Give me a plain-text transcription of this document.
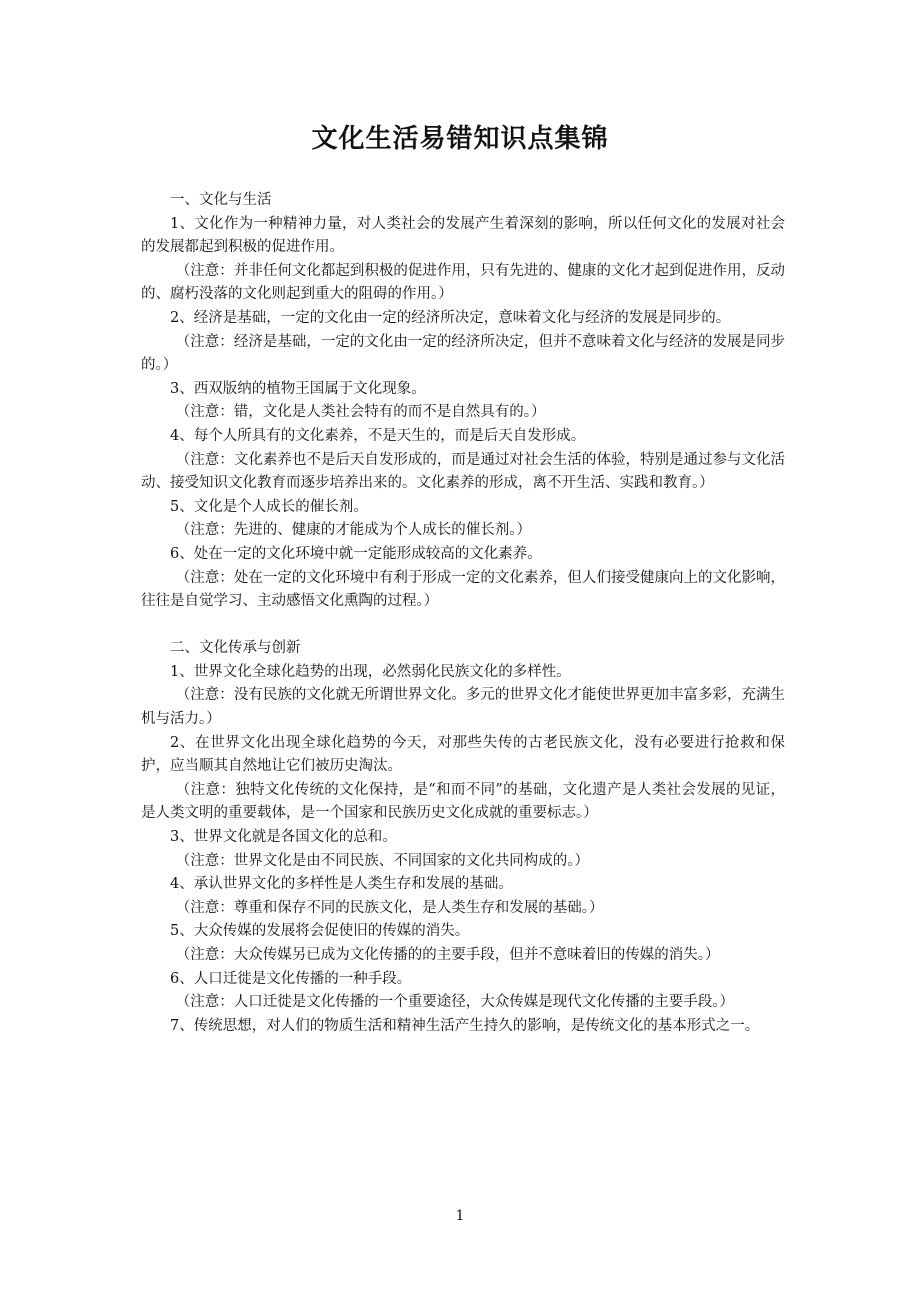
文化生活易错知识点集锦

一、文化与生活

1、文化作为一种精神力量，对人类社会的发展产生着深刻的影响，所以任何文化的发展对社会的发展都起到积极的促进作用。

（注意：并非任何文化都起到积极的促进作用，只有先进的、健康的文化才起到促进作用，反动的、腐朽没落的文化则起到重大的阻碍的作用。）

2、经济是基础，一定的文化由一定的经济所决定，意味着文化与经济的发展是同步的。

（注意：经济是基础，一定的文化由一定的经济所决定，但并不意味着文化与经济的发展是同步的。）

3、西双版纳的植物王国属于文化现象。

（注意：错，文化是人类社会特有的而不是自然具有的。）

4、每个人所具有的文化素养，不是天生的，而是后天自发形成。

（注意：文化素养也不是后天自发形成的，而是通过对社会生活的体验，特别是通过参与文化活动、接受知识文化教育而逐步培养出来的。文化素养的形成，离不开生活、实践和教育。）

5、文化是个人成长的催长剂。

（注意：先进的、健康的才能成为个人成长的催长剂。）

6、处在一定的文化环境中就一定能形成较高的文化素养。

（注意：处在一定的文化环境中有利于形成一定的文化素养，但人们接受健康向上的文化影响，往往是自觉学习、主动感悟文化熏陶的过程。）

二、文化传承与创新

1、世界文化全球化趋势的出现，必然弱化民族文化的多样性。

（注意：没有民族的文化就无所谓世界文化。多元的世界文化才能使世界更加丰富多彩，充满生机与活力。）

2、在世界文化出现全球化趋势的今天，对那些失传的古老民族文化，没有必要进行抢救和保护，应当顺其自然地让它们被历史淘汰。

（注意：独特文化传统的文化保持，是“和而不同”的基础，文化遗产是人类社会发展的见证，是人类文明的重要载体，是一个国家和民族历史文化成就的重要标志。）

3、世界文化就是各国文化的总和。

（注意：世界文化是由不同民族、不同国家的文化共同构成的。）

4、承认世界文化的多样性是人类生存和发展的基础。

（注意：尊重和保存不同的民族文化，是人类生存和发展的基础。）

5、大众传媒的发展将会促使旧的传媒的消失。

（注意：大众传媒另已成为文化传播的的主要手段，但并不意味着旧的传媒的消失。）

6、人口迁徙是文化传播的一种手段。

（注意：人口迁徙是文化传播的一个重要途径，大众传媒是现代文化传播的主要手段。）

7、传统思想，对人们的物质生活和精神生活产生持久的影响，是传统文化的基本形式之一。

1
